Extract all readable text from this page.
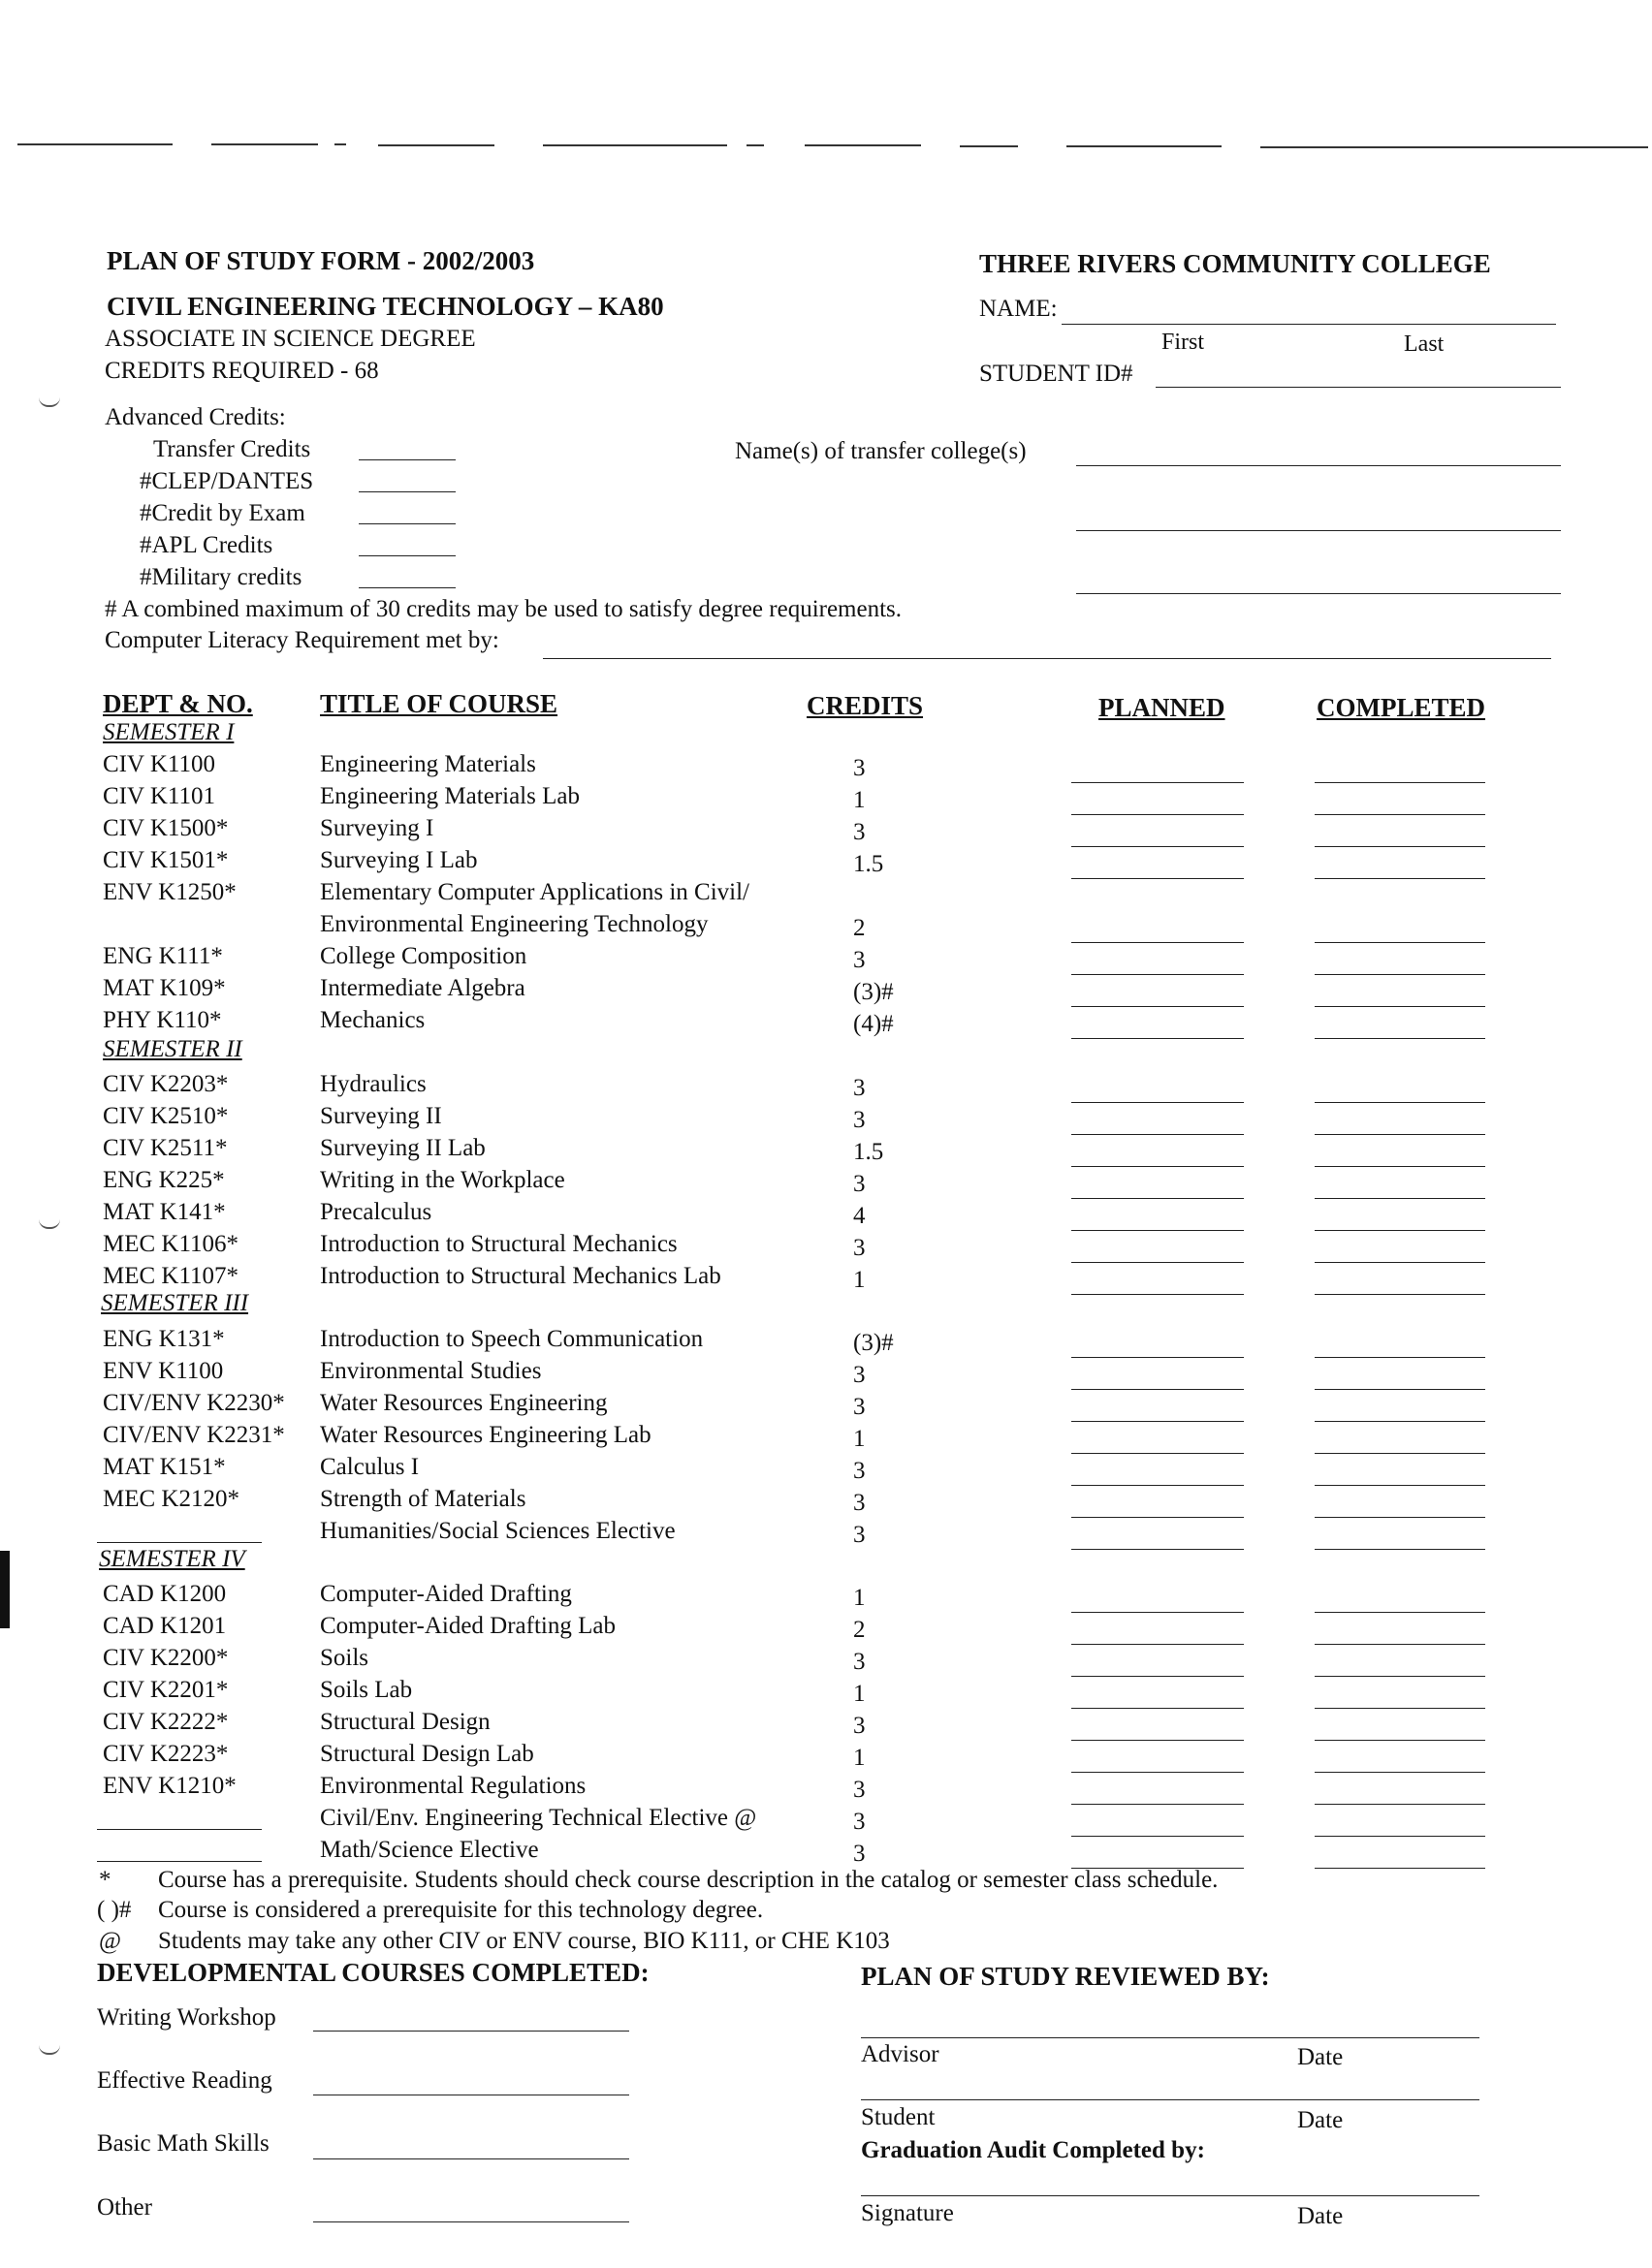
PLAN OF STUDY FORM - 2002/2003	THREE RIVERS COMMUNITY COLLEGE
CIVIL ENGINEERING TECHNOLOGY – KA80
ASSOCIATE IN SCIENCE DEGREE
CREDITS REQUIRED - 68
NAME:
First	Last
STUDENT ID#
Advanced Credits:
Transfer Credits
#CLEP/DANTES
#Credit by Exam
#APL Credits
#Military credits
Name(s) of transfer college(s)
# A combined maximum of 30 credits may be used to satisfy degree requirements.
Computer Literacy Requirement met by:
DEPT & NO.	TITLE OF COURSE	CREDITS	PLANNED	COMPLETED
SEMESTER I
SEMESTER II
SEMESTER III
SEMESTER IV
CIV K1100	Engineering Materials	3
CIV K1101	Engineering Materials Lab	1
CIV K1500*	Surveying I	3
CIV K1501*	Surveying I Lab	1.5
ENV K1250*	Elementary Computer Applications in Civil/
Environmental Engineering Technology	2
ENG K111*	College Composition	3
MAT K109*	Intermediate Algebra	(3)#
PHY K110*	Mechanics	(4)#
CIV K2203*	Hydraulics	3
CIV K2510*	Surveying II	3
CIV K2511*	Surveying II Lab	1.5
ENG K225*	Writing in the Workplace	3
MAT K141*	Precalculus	4
MEC K1106*	Introduction to Structural Mechanics	3
MEC K1107*	Introduction to Structural Mechanics Lab	1
ENG K131*	Introduction to Speech Communication	(3)#
ENV K1100	Environmental Studies	3
CIV/ENV K2230* Water Resources Engineering	3
CIV/ENV K2231* Water Resources Engineering Lab	1
MAT K151*	Calculus I	3
MEC K2120*	Strength of Materials	3
Humanities/Social Sciences Elective	3
CAD K1200	Computer-Aided Drafting	1
CAD K1201	Computer-Aided Drafting Lab	2
CIV K2200*	Soils	3
CIV K2201*	Soils Lab	1
CIV K2222*	Structural Design	3
CIV K2223*	Structural Design Lab	1
ENV K1210*	Environmental Regulations	3
Civil/Env. Engineering Technical Elective @	3
Math/Science Elective	3
* Course has a prerequisite. Students should check course description in the catalog or semester class schedule.
( )# Course is considered a prerequisite for this technology degree.
@ Students may take any other CIV or ENV course, BIO K111, or CHE K103
DEVELOPMENTAL COURSES COMPLETED:
Writing Workshop
Effective Reading
Basic Math Skills
Other
PLAN OF STUDY REVIEWED BY:
Advisor	Date
Student	Date
Graduation Audit Completed by:
Signature	Date
